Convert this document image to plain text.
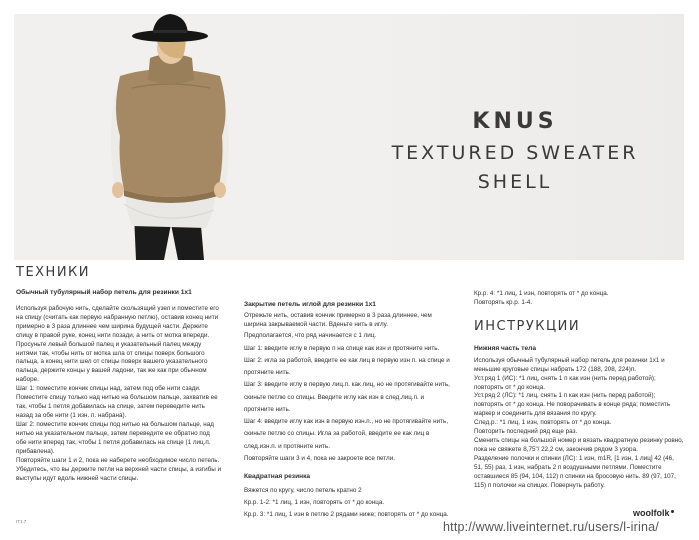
KNUS
TEXTURED SWEATER
SHELL
ТЕХНИКИ
Обычный тубулярный набор петель для резинки 1х1

Используя рабочую нить, сделайте скользящий узел и поместите его на спицу (считать как первую набранную петлю), оставив конец нити примерно в 3 раза длиннее чем ширина будущей части. Держите спицу в правой руке, конец нити позади, а нить от мотка впереди. Просуньте левый большой палец и указательный палец между нитями так, чтобы нить от мотка шла от спицы поверх большого пальца, а конец нити шел от спицы поверх вашего указательного пальца, держите концы у вашей ладони, так же как при обычном наборе.

Шаг 1: поместите кончик спицы над, затем под обе нити сзади. Поместите спицу только над нитью на большом пальце, захватив ее так, чтобы 1 петля добавилась на спице, затем переведите нить назад за обе нити (1 изн. п. набрана).

Шаг 2: поместите кончик спицы под нитью на большом пальце, над нитью на указательном пальце, затем переведите ее обратно под обе нити вперед так, чтобы 1 петля добавилась на спице (1 лиц.п. прибавлена).

Повторяйте шаги 1 и 2, пока не наберете необходимое число петель. Убедитесь, что вы держите петли на верхней части спицы, а изгибы и выступы идут вдоль нижней части спицы.

IT1.7
Закрытие петель иглой для резинки 1х1

Отрежьте нить, оставив кончик примерно в 3 раза длиннее, чем ширина закрываемой части. Вденьте нить в иглу.

Предполагается, что ряд начинается с 1 лиц.

Шаг 1: введите иглу в первую п на спице как изн и протяните нить.

Шаг 2: игла за работой, введите ее как лиц в первую изн п. на спице и протяните нить.

Шаг 3: введите иглу в первую лиц.п. как лиц, но не протягивайте нить, скиньте петлю со спицы. Введите иглу как изн в след.лиц.п. и протяните нить.

Шаг 4: введите иглу как изн в первую изн.п., но не протягивайте нить, скиньте петлю со спицы. Игла за работой, введите ее как лиц в след.изн.п. и протяните нить.

Повторяйте шаги 3 и 4, пока не закроете все петли.

Квадратная резинка

Вяжется по кругу, число петель кратно 2

Кр.р. 1-2: *1 лиц, 1 изн, повторять от * до конца.

Кр.р. 3: *1 лиц, 1 изн в петлю 2 рядами ниже; повторять от * до конца.

Кр.р. 4: *1 лиц, 1 изн, повторять от * до конца.

Повторять кр.р. 1-4.

ИНСТРУКЦИИ
Нижняя часть тела

Используя обычный тубулярный набор петель для резинки 1х1 и меньшие круговые спицы набрать 172 (188, 208, 224)п.

Уст.ряд 1 (ИС): *1 лиц, снять 1 п как изн (нить перед работой); повторять от * до конца.

Уст.ряд 2 (ЛС): *1 лиц, снять 1 п как изн (нить перед работой); повторять от * до конца. Не поворачивать в конце ряда; поместить маркер и соединить для вязания по кругу.

След.р.: *1 лиц, 1 изн, повторять от * до конца.

Повторить последний ряд еще раз.

Сменить спицы на большой номер и вязать квадратную резинку ровно, пока не свяжете 8,75"/ 22,2 см, закончив рядом 3 узора.

Разделение полочки и спинки (ЛС): 1 изн, m1R, [1 изн, 1 лиц] 42 (46, 51, 55) раз, 1 изн, набрать 2 п воздушными петлями. Поместите оставшиеся 85 (94, 104, 112) п спинки на бросовую нить. 89 (97, 107, 115) п полочки на спицах. Повернуть работу.

http://www.liveinternet.ru/users/l-irina/
woolfolk
